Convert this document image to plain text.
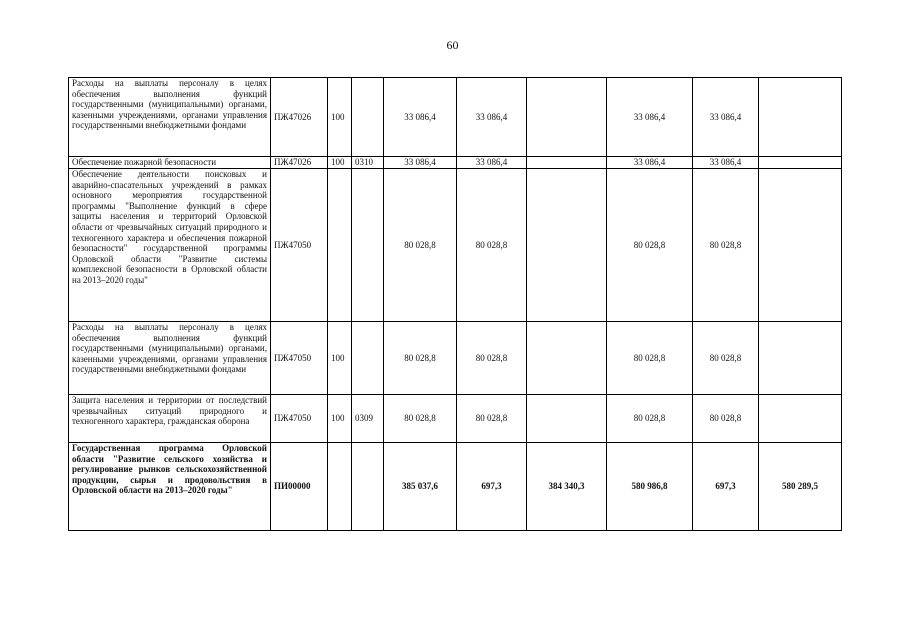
60
Расходы на выплаты персоналу в целях обеспечения выполнения функций государственными (муниципальными) органами, казенными учреждениями, органами управления государственными внебюджетными фондами	ПЖ47026	100		33 086,4	33 086,4		33 086,4	33 086,4	
Обеспечение пожарной безопасности	ПЖ47026	100	0310	33 086,4	33 086,4		33 086,4	33 086,4	
Обеспечение деятельности поисковых и аварийно-спасательных учреждений в рамках основного мероприятия государственной программы "Выполнение функций в сфере защиты населения и территорий Орловской области от чрезвычайных ситуаций природного и техногенного характера и обеспечения пожарной безопасности" государственной программы Орловской области "Развитие системы комплексной безопасности в Орловской области на 2013–2020 годы"	ПЖ47050			80 028,8	80 028,8		80 028,8	80 028,8	
Расходы на выплаты персоналу в целях обеспечения выполнения функций государственными (муниципальными) органами, казенными учреждениями, органами управления государственными внебюджетными фондами	ПЖ47050	100		80 028,8	80 028,8		80 028,8	80 028,8	
Защита населения и территории от последствий чрезвычайных ситуаций природного и техногенного характера, гражданская оборона	ПЖ47050	100	0309	80 028,8	80 028,8		80 028,8	80 028,8	
Государственная программа Орловской области "Развитие сельского хозяйства и регулирование рынков сельскохозяйственной продукции, сырья и продовольствия в Орловской области на 2013–2020 годы"	ПИ00000			385 037,6	697,3	384 340,3	580 986,8	697,3	580 289,5
